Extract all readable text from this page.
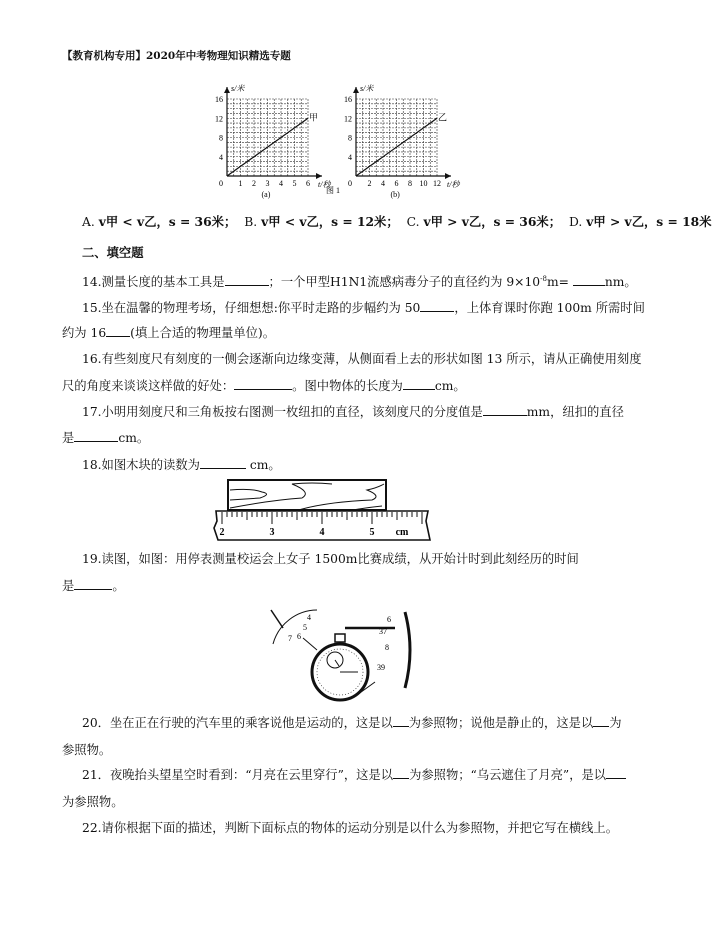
【教育机构专用】2020年中考物理知识精选专题
甲
s/米
t/秒
0
4
8
12
16
1 2 3 4 5 6
(a)
乙
s/米
t/秒
0
4
8
12
16
2 4 6 8 10 12
(b)
图 1
A. v甲 < v乙，s = 36米； B. v甲 < v乙，s = 12米； C. v甲 > v乙，s = 36米； D. v甲 > v乙，s = 18米
二、填空题
14.测量长度的基本工具是	；一个甲型H1N1流感病毒分子的直径约为 $9\times 10^{-8}m=$	nm。
15.坐在温馨的物理考场，仔细想想:你平时走路的步幅约为 50	，上体育课时你跑 100m 所需时间
约为 16 (填上合适的物理量单位)。
16.有些刻度尺有刻度的一侧会逐渐向边缘变薄，从侧面看上去的形状如图 13 所示，请从正确使用刻度
尺的角度来谈谈这样做的好处：	。图中物体的长度为	cm。
17.小明用刻度尺和三角板按右图测一枚纽扣的直径，该刻度尺的分度值是	mm，纽扣的直径
是	cm。
18.如图木块的读数为	cm。
2	3	4	5 cm
19.读图，如图：用停表测量校运会上女子 1500m比赛成绩，从开始计时到此刻经历的时间
是	。
4
5
6
7
6
37
8
39
20．坐在正在行驶的汽车里的乘客说他是运动的，这是以 为参照物；说他是静止的，这是以 为
参照物。
21．夜晚抬头望星空时看到：“月亮在云里穿行”，这是以 为参照物；“乌云遮住了月亮”，是以
为参照物。
22.请你根据下面的描述，判断下面标点的物体的运动分别是以什么为参照物，并把它写在横线上。
